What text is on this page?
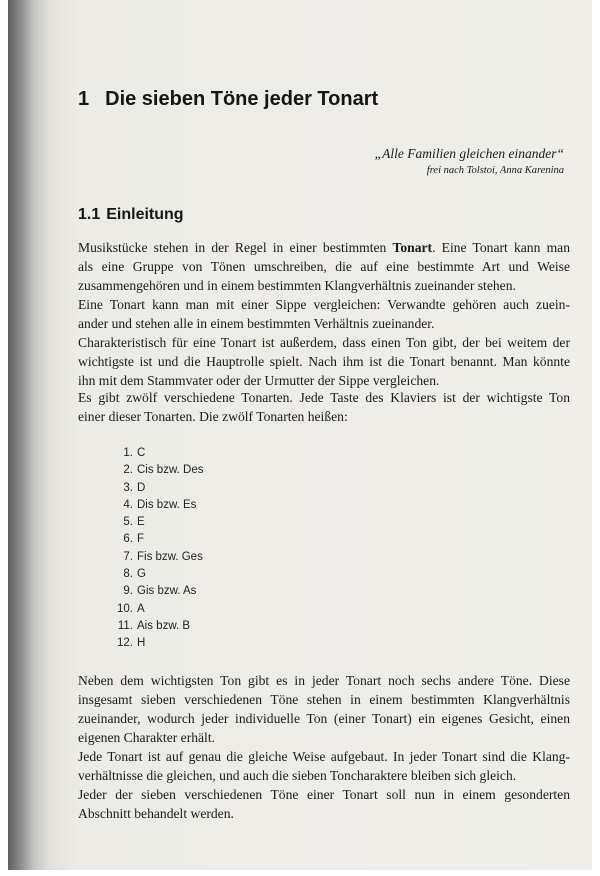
1 Die sieben Töne jeder Tonart
„Alle Familien gleichen einander“
frei nach Tolstoi, Anna Karenina
1.1 Einleitung

Musikstücke stehen in der Regel in einer bestimmten Tonart. Eine Tonart kann man
als eine Gruppe von Tönen umschreiben, die auf eine bestimmte Art und Weise
zusammengehören und in einem bestimmten Klangverhältnis zueinander stehen.
Eine Tonart kann man mit einer Sippe vergleichen: Verwandte gehören auch zuein-
ander und stehen alle in einem bestimmten Verhältnis zueinander.
Charakteristisch für eine Tonart ist außerdem, dass einen Ton gibt, der bei weitem der
wichtigste ist und die Hauptrolle spielt. Nach ihm ist die Tonart benannt. Man könnte
ihn mit dem Stammvater oder der Urmutter der Sippe vergleichen.

Es gibt zwölf verschiedene Tonarten. Jede Taste des Klaviers ist der wichtigste Ton
einer dieser Tonarten. Die zwölf Tonarten heißen:

1. C
2. Cis bzw. Des
3. D
4. Dis bzw. Es
5. E
6. F
7. Fis bzw. Ges
8. G
9. Gis bzw. As
10. A
11. Ais bzw. B
12. H

Neben dem wichtigsten Ton gibt es in jeder Tonart noch sechs andere Töne. Diese
insgesamt sieben verschiedenen Töne stehen in einem bestimmten Klangverhältnis
zueinander, wodurch jeder individuelle Ton (einer Tonart) ein eigenes Gesicht, einen
eigenen Charakter erhält.
Jede Tonart ist auf genau die gleiche Weise aufgebaut. In jeder Tonart sind die Klang-
verhältnisse die gleichen, und auch die sieben Toncharaktere bleiben sich gleich.
Jeder der sieben verschiedenen Töne einer Tonart soll nun in einem gesonderten
Abschnitt behandelt werden.
